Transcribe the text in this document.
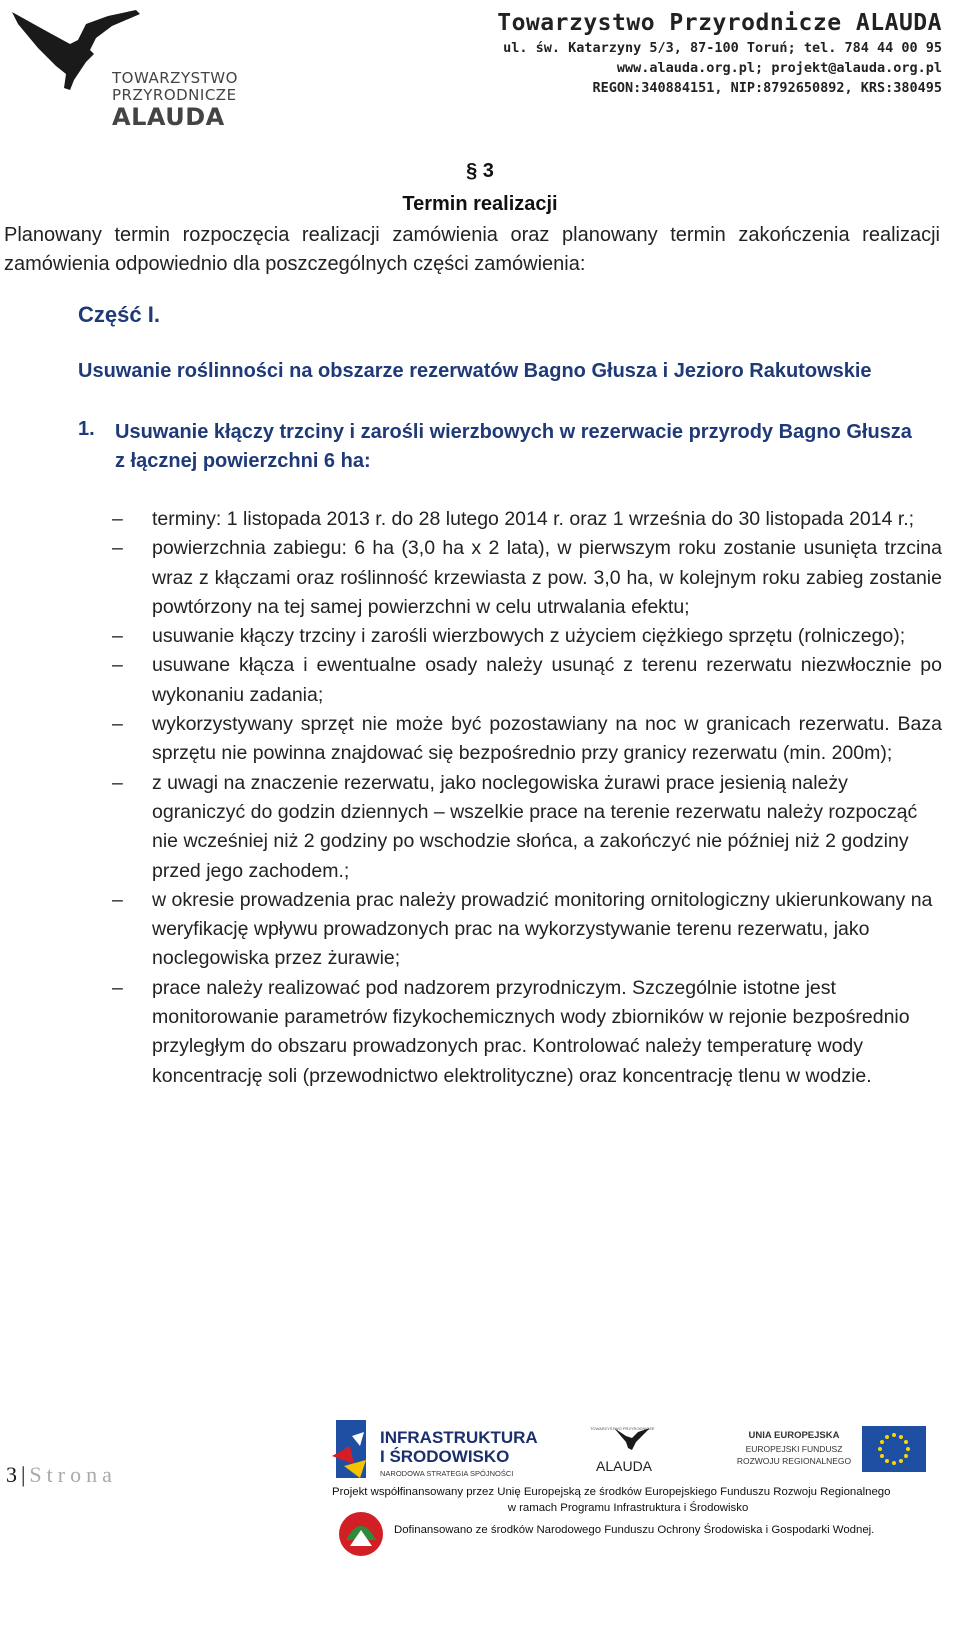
TOWARZYSTWO
PRZYRODNICZE
ALAUDA
Towarzystwo Przyrodnicze ALAUDA
ul. św. Katarzyny 5/3, 87-100 Toruń; tel. 784 44 00 95
www.alauda.org.pl; projekt@alauda.org.pl
REGON:340884151, NIP:8792650892, KRS:380495
§ 3
Termin realizacji
Planowany termin rozpoczęcia realizacji zamówienia oraz planowany termin zakończenia realizacji zamówienia odpowiednio dla poszczególnych części zamówienia:
Część I.
Usuwanie roślinności na obszarze rezerwatów Bagno Głusza i Jezioro Rakutowskie
1. Usuwanie kłączy trzciny i zarośli wierzbowych w rezerwacie przyrody Bagno Głusza z łącznej powierzchni 6 ha:
–	terminy: 1 listopada 2013 r. do 28 lutego 2014 r. oraz 1 września do 30 listopada 2014 r.;
–	powierzchnia zabiegu: 6 ha (3,0 ha x 2 lata), w pierwszym roku zostanie usunięta trzcina wraz z kłączami oraz roślinność krzewiasta z pow. 3,0 ha, w kolejnym roku zabieg zostanie powtórzony na tej samej powierzchni w celu utrwalania efektu;
–	usuwanie kłączy trzciny i zarośli wierzbowych z użyciem ciężkiego sprzętu (rolniczego);
–	usuwane kłącza i ewentualne osady należy usunąć z terenu rezerwatu niezwłocznie po wykonaniu zadania;
–	wykorzystywany sprzęt nie może być pozostawiany na noc w granicach rezerwatu. Baza sprzętu nie powinna znajdować się bezpośrednio przy granicy rezerwatu (min. 200m);
–	z uwagi na znaczenie rezerwatu, jako noclegowiska żurawi prace jesienią należy ograniczyć do godzin dziennych – wszelkie prace na terenie rezerwatu należy rozpocząć nie wcześniej niż 2 godziny po wschodzie słońca, a zakończyć nie później niż 2 godziny przed jego zachodem.;
–	w okresie prowadzenia prac należy prowadzić monitoring ornitologiczny ukierunkowany na weryfikację wpływu prowadzonych prac na wykorzystywanie terenu rezerwatu, jako noclegowiska przez żurawie;
–	prace należy realizować pod nadzorem przyrodniczym. Szczególnie istotne jest monitorowanie parametrów fizykochemicznych wody zbiorników w rejonie bezpośrednio przyległym do obszaru prowadzonych prac. Kontrolować należy temperaturę wody koncentrację soli (przewodnictwo elektrolityczne) oraz koncentrację tlenu w wodzie.
3 | Strona
INFRASTRUKTURA
I ŚRODOWISKO
NARODOWA STRATEGIA SPÓJNOŚCI
TOWARZYSTWO PRZYRODNICZE
ALAUDA
UNIA EUROPEJSKA
EUROPEJSKI FUNDUSZ
ROZWOJU REGIONALNEGO
Projekt współfinansowany przez Unię Europejską ze środków Europejskiego Funduszu Rozwoju Regionalnego
w ramach Programu Infrastruktura i Środowisko
Dofinansowano ze środków Narodowego Funduszu Ochrony Środowiska i Gospodarki Wodnej.
